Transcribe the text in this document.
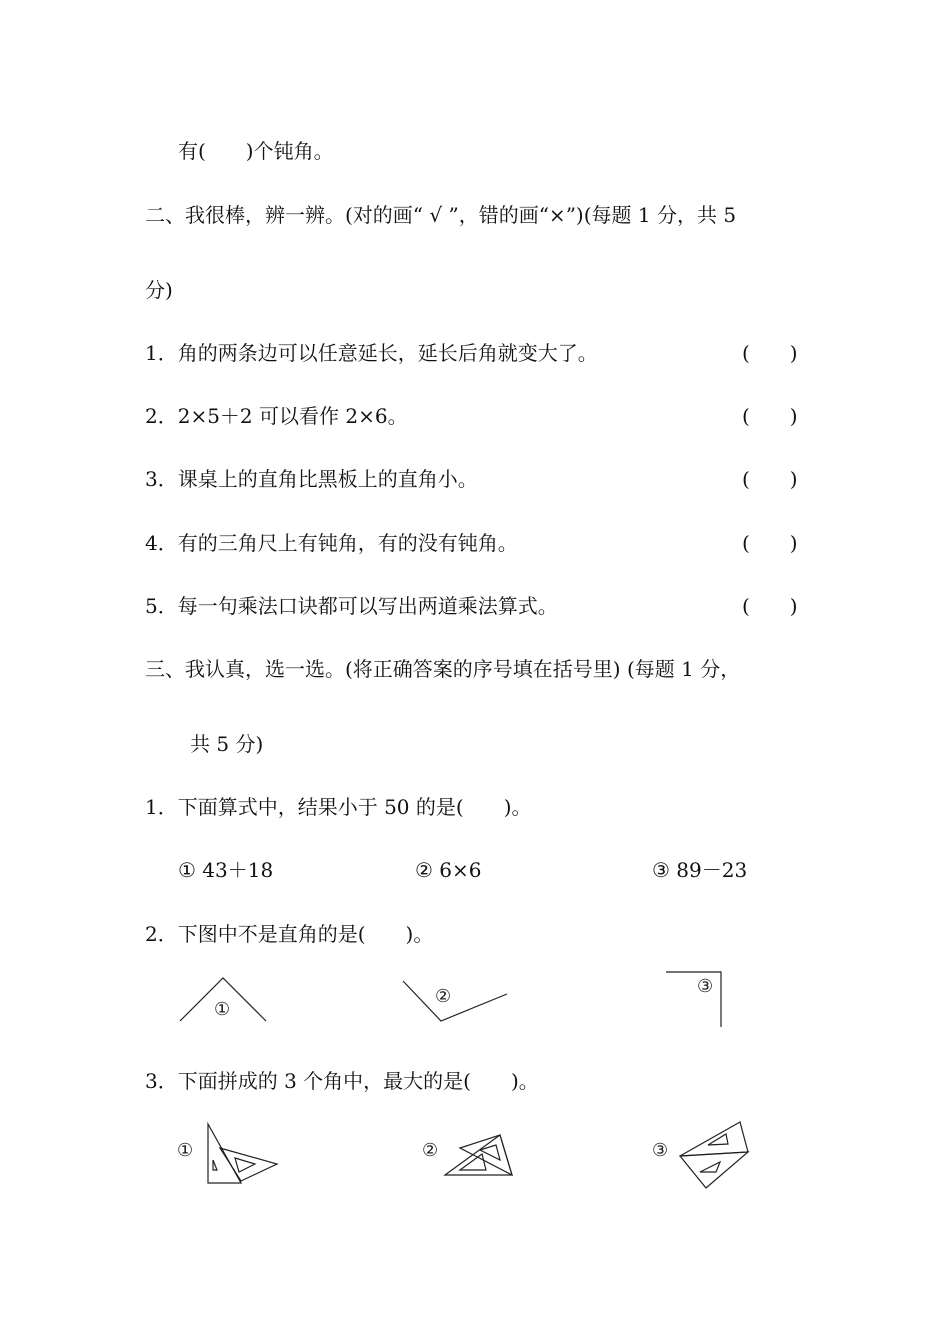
有(　　)个钝角。
二、我很棒，辨一辨。(对的画“ √ ”，错的画“×”)(每题 1 分，共 5
分)
1．角的两条边可以任意延长，延长后角就变大了。	(　　)
2．2×5＋2 可以看作 2×6。	(　　)
3．课桌上的直角比黑板上的直角小。	(　　)
4．有的三角尺上有钝角，有的没有钝角。	(　　)
5．每一句乘法口诀都可以写出两道乘法算式。	(　　)
三、我认真，选一选。(将正确答案的序号填在括号里) (每题 1 分，
共 5 分)
1．下面算式中，结果小于 50 的是(　　)。
① 43＋18	② 6×6	③ 89－23
2．下图中不是直角的是(　　)。
①
②	③
3．下面拼成的 3 个角中，最大的是(　　)。
①	②	③
